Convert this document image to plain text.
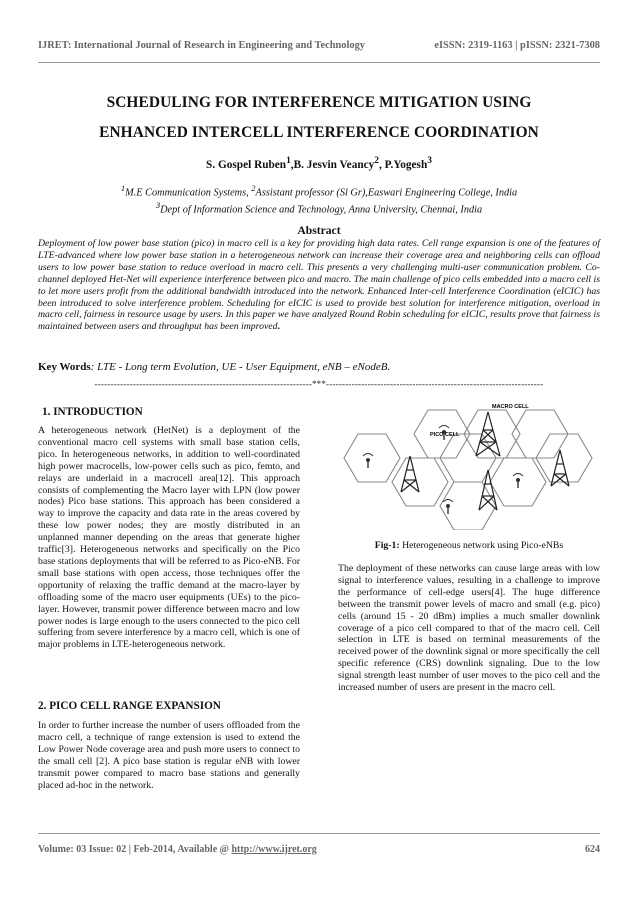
IJRET: International Journal of Research in Engineering and Technology	eISSN: 2319-1163 | pISSN: 2321-7308
SCHEDULING FOR INTERFERENCE MITIGATION USING
ENHANCED INTERCELL INTERFERENCE COORDINATION
S. Gospel Ruben$^1$,B. Jesvin Veancy$^2$, P.Yogesh$^3$
$^1$M.E Communication Systems, $^2$Assistant professor (Sl Gr),Easwari Engineering College, India
$^3$Dept of Information Science and Technology, Anna University, Chennai, India
Abstract
Deployment of low power base station (pico) in macro cell is a key for providing high data rates. Cell range expansion is one of the features of LTE-advanced where low power base station in a heterogeneous network can increase their coverage area and neighboring cells can offload users to low power base station to reduce overload in macro cell. This presents a very challenging multi-user communication problem. Co-channel deployed Het-Net will experience interference between pico and macro. The main challenge of pico cells embedded into a macro cell is to let more users profit from the additional bandwidth introduced into the network. Enhanced Inter-cell Interference Coordination (eICIC) has been introduced to solve interference problem. Scheduling for eICIC is used to provide best solution for interference mitigation, overload in macro cell, fairness in resource usage by users. In this paper we have analyzed Round Robin scheduling for eICIC, results prove that fairness is maintained between users and throughput has been improved.
Key Words: LTE - Long term Evolution, UE - User Equipment, eNB – eNodeB.
--------------------------------------------------------------------***--------------------------------------------------------------------
1. INTRODUCTION
A heterogeneous network (HetNet) is a deployment of the conventional macro cell systems with small base station cells, pico. In heterogeneous networks, in addition to well-coordinated high power macrocells, low-power cells such as pico, femto, and relays are underlaid in a macrocell area[12]. This approach consists of complementing the Macro layer with LPN (low power nodes) Pico base stations. This approach has been considered a way to improve the capacity and data rate in the areas covered by these low power nodes; they are mostly distributed in an unplanned manner depending on the areas that generate higher traffic[3]. Heterogeneous networks and specifically on the Pico base stations deployments that will be referred to as Pico-eNB. For small base stations with open access, those techniques offer the opportunity of relaxing the traffic demand at the macro-layer by offloading some of the macro user equipments (UEs) to the pico-layer. However, transmit power difference between macro and low power nodes is large enough to the users connected to the pico cell suffering from severe interference by a macro cell, which is one of major problems in LTE-heterogeneous network.
2. PICO CELL RANGE EXPANSION
In order to further increase the number of users offloaded from the macro cell, a technique of range extension is used to extend the Low Power Node coverage area and push more users to connect to the small cell [2]. A pico base station is regular eNB with lower transmit power compared to macro base stations and generally placed ad-hoc in the network.
MACRO CELL
PICO CELL
Fig-1: Heterogeneous network using Pico-eNBs
The deployment of these networks can cause large areas with low signal to interference values, resulting in a challenge to improve the performance of cell-edge users[4]. The huge difference between the transmit power levels of macro and small (e.g. pico) cells (around 15 - 20 dBm) implies a much smaller downlink coverage of a pico cell compared to that of the macro cell. Cell selection in LTE is based on terminal measurements of the received power of the downlink signal or more specifically the cell specific reference (CRS) downlink signaling. Due to the low signal strength least number of user moves to the pico cell and the increased number of users are present in the macro cell.
Volume: 03 Issue: 02 | Feb-2014, Available @ http://www.ijret.org	624
